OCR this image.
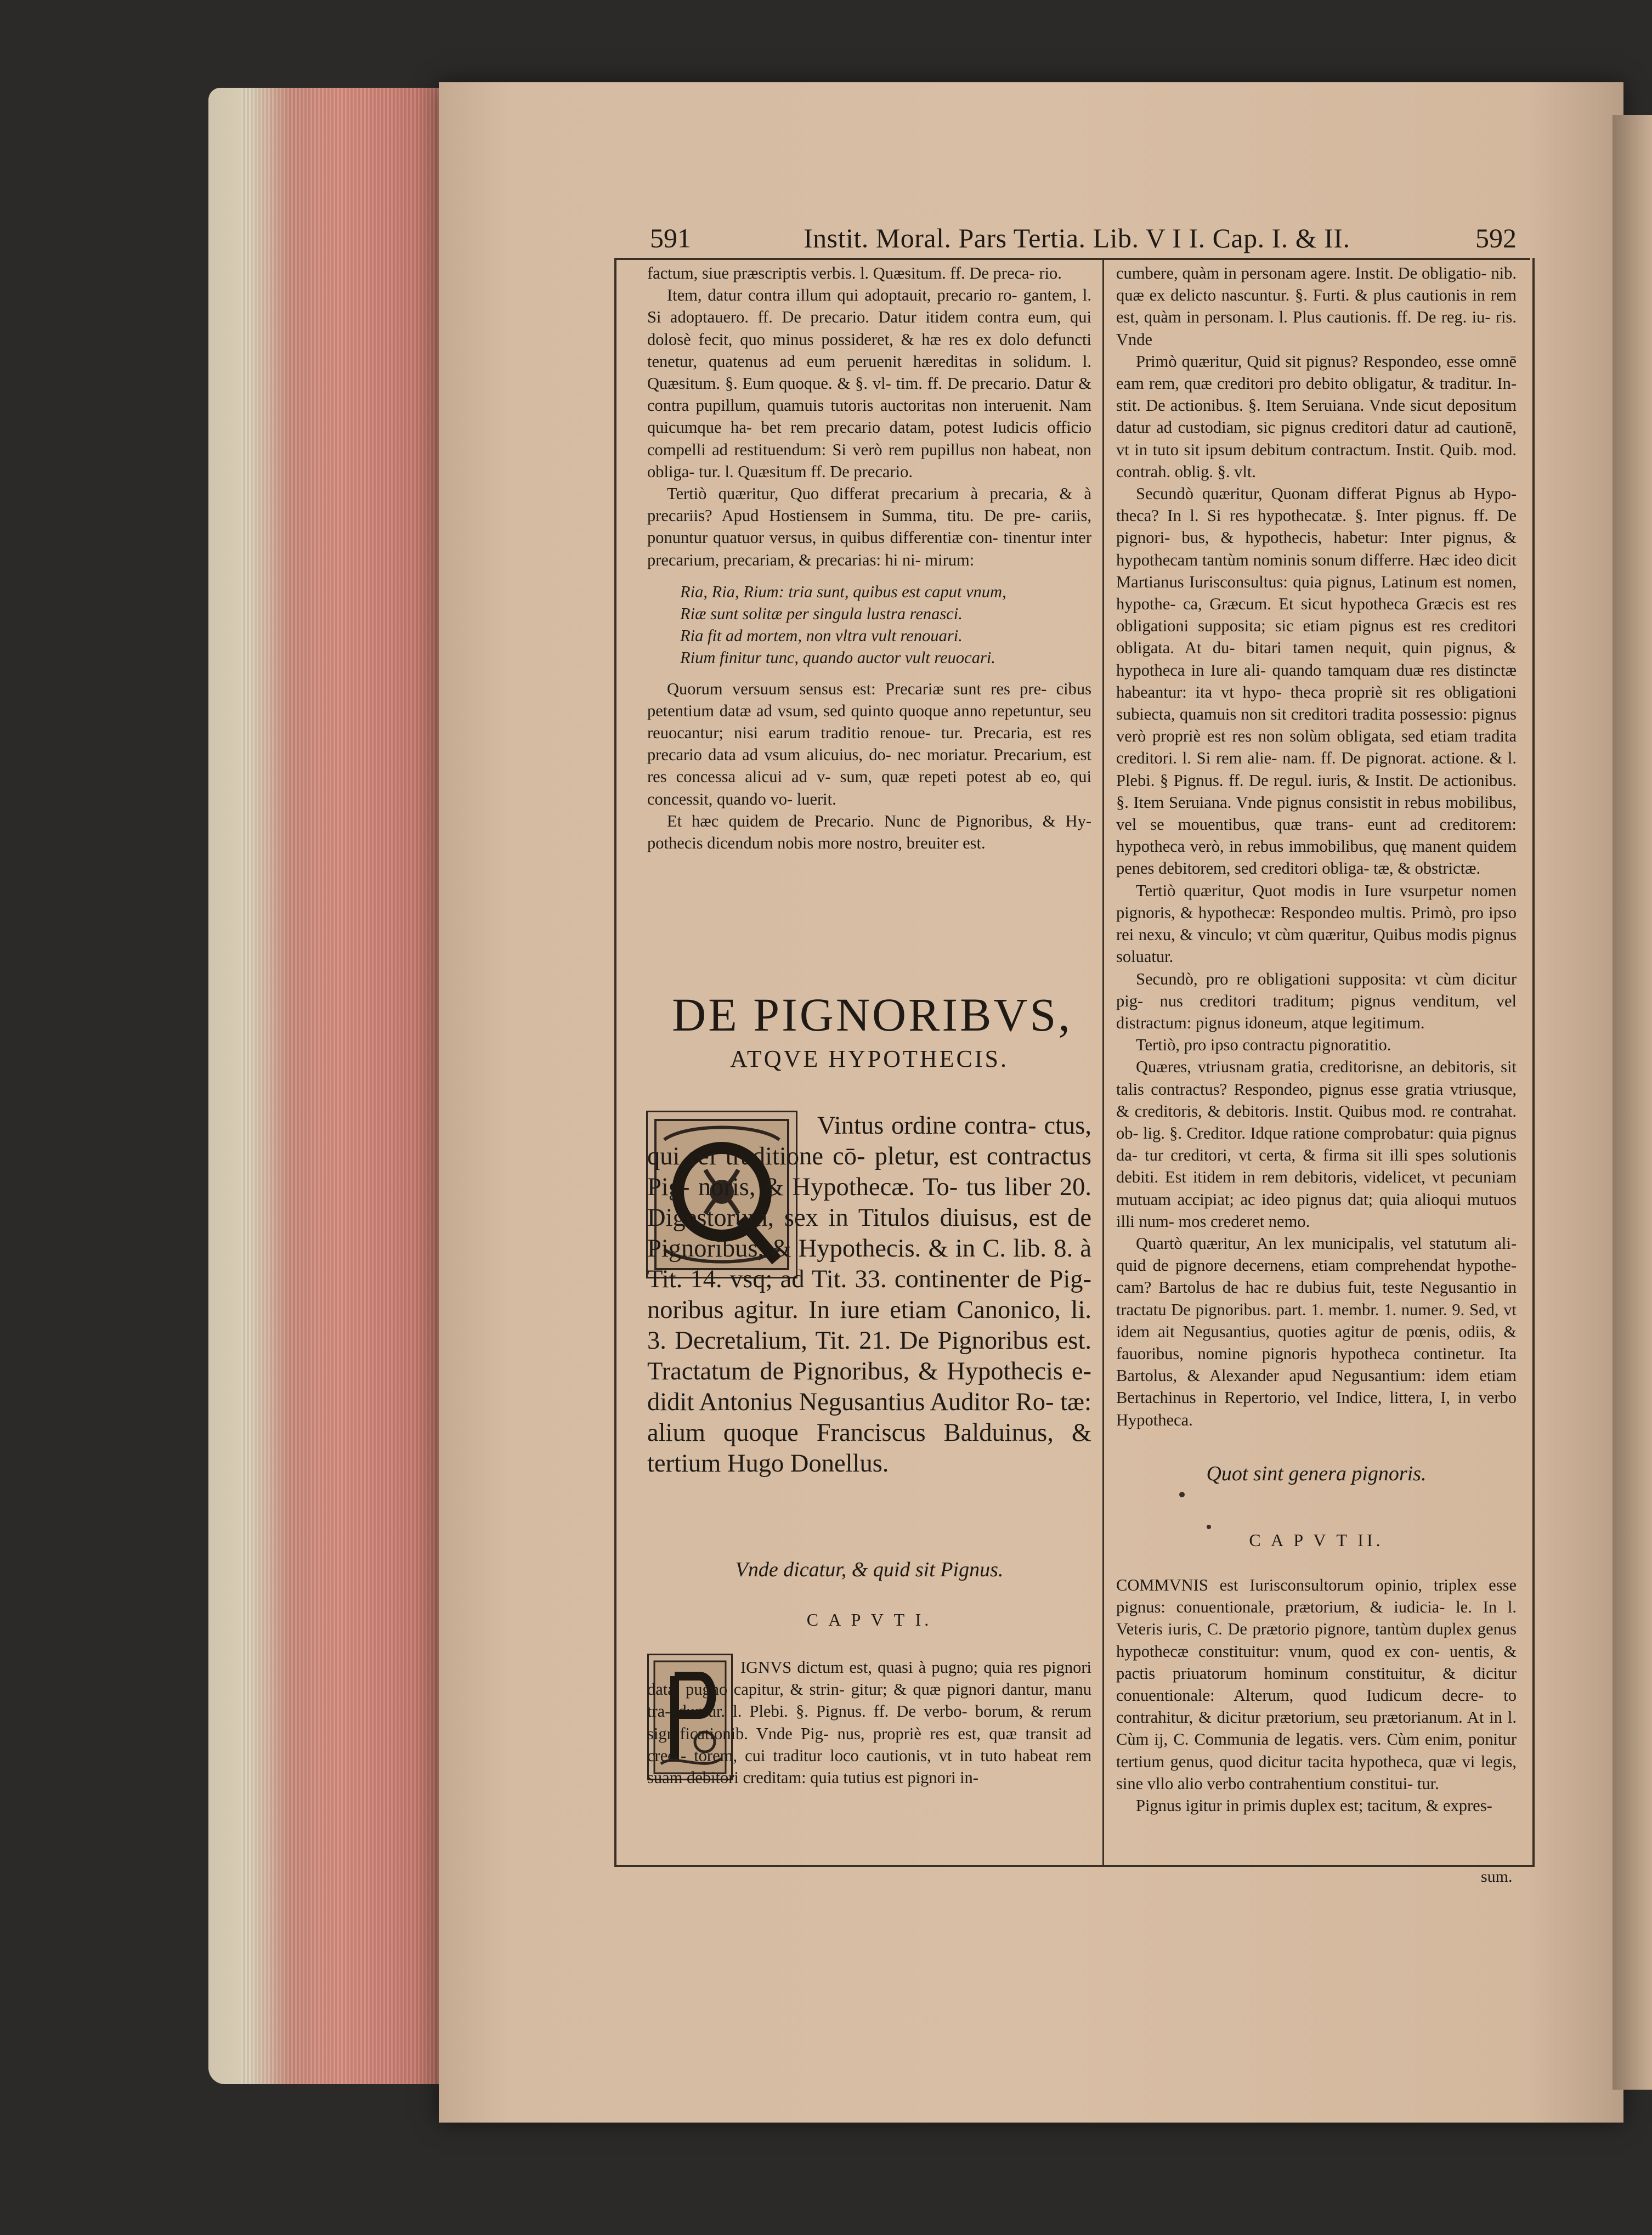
591	Instit. Moral. Pars Tertia. Lib. V I I. Cap. I. & II.	592

factum, siue præscriptis verbis. l. Quæsitum. ff. De preca- rio.

Item, datur contra illum qui adoptauit, precario ro- gantem, l. Si adoptauero. ff. De precario. Datur itidem contra eum, qui dolosè fecit, quo minus possideret, & hæ res ex dolo defuncti tenetur, quatenus ad eum peruenit hæreditas in solidum. l. Quæsitum. §. Eum quoque. & §. vl- tim. ff. De precario. Datur & contra pupillum, quamuis tutoris auctoritas non interuenit. Nam quicumque ha- bet rem precario datam, potest Iudicis officio compelli ad restituendum: Si verò rem pupillus non habeat, non obliga- tur. l. Quæsitum ff. De precario.

Tertiò quæritur, Quo differat precarium à precaria, & à precariis? Apud Hostiensem in Summa, titu. De pre- cariis, ponuntur quatuor versus, in quibus differentiæ con- tinentur inter precarium, precariam, & precarias: hi ni- mirum:

Ria, Ria, Rium: tria sunt, quibus est caput vnum,

Riæ sunt solitæ per singula lustra renasci.

Ria fit ad mortem, non vltra vult renouari.

Rium finitur tunc, quando auctor vult reuocari.

Quorum versuum sensus est: Precariæ sunt res pre- cibus petentium datæ ad vsum, sed quinto quoque anno repetuntur, seu reuocantur; nisi earum traditio renoue- tur. Precaria, est res precario data ad vsum alicuius, do- nec moriatur. Precarium, est res concessa alicui ad v- sum, quæ repeti potest ab eo, qui concessit, quando vo- luerit.

Et hæc quidem de Precario. Nunc de Pignoribus, & Hy- pothecis dicendum nobis more nostro, breuiter est.

DE PIGNORIBVS,
ATQVE HYPOTHECIS.

Vintus ordine contra- ctus, qui rei traditione cō- pletur, est contractus Pig- noris, & Hypothecæ. To- tus liber 20. Digestorum, sex in Titulos diuisus, est de Pignoribus, & Hypothecis. & in C. lib. 8. à Tit. 14. vsq; ad Tit. 33. continenter de Pig- noribus agitur. In iure etiam Canonico, li. 3. Decretalium, Tit. 21. De Pignoribus est. Tractatum de Pignoribus, & Hypothecis e- didit Antonius Negusantius Auditor Ro- tæ: alium quoque Franciscus Balduinus, & tertium Hugo Donellus.

Vnde dicatur, & quid sit Pignus.
C A P V T I.

IGNVS dictum est, quasi à pugno; quia res pignori data, pugno capitur, & strin- gitur; & quæ pignori dantur, manu tra- duntur. l. Plebi. §. Pignus. ff. De verbo- borum, & rerum significationib. Vnde Pig- nus, propriè res est, quæ transit ad credi- torem, cui traditur loco cautionis, vt in tuto habeat rem suam debitori creditam: quia tutius est pignori in-

cumbere, quàm in personam agere. Instit. De obligatio- nib. quæ ex delicto nascuntur. §. Furti. & plus cautionis in rem est, quàm in personam. l. Plus cautionis. ff. De reg. iu- ris. Vnde

Primò quæritur, Quid sit pignus? Respondeo, esse omnē eam rem, quæ creditori pro debito obligatur, & traditur. In- stit. De actionibus. §. Item Seruiana. Vnde sicut depositum datur ad custodiam, sic pignus creditori datur ad cautionē, vt in tuto sit ipsum debitum contractum. Instit. Quib. mod. contrah. oblig. §. vlt.

Secundò quæritur, Quonam differat Pignus ab Hypo- theca? In l. Si res hypothecatæ. §. Inter pignus. ff. De pignori- bus, & hypothecis, habetur: Inter pignus, & hypothecam tantùm nominis sonum differre. Hæc ideo dicit Martianus Iurisconsultus: quia pignus, Latinum est nomen, hypothe- ca, Græcum. Et sicut hypotheca Græcis est res obligationi supposita; sic etiam pignus est res creditori obligata. At du- bitari tamen nequit, quin pignus, & hypotheca in Iure ali- quando tamquam duæ res distinctæ habeantur: ita vt hypo- theca propriè sit res obligationi subiecta, quamuis non sit creditori tradita possessio: pignus verò propriè est res non solùm obligata, sed etiam tradita creditori. l. Si rem alie- nam. ff. De pignorat. actione. & l. Plebi. § Pignus. ff. De regul. iuris, & Instit. De actionibus. §. Item Seruiana. Vnde pignus consistit in rebus mobilibus, vel se mouentibus, quæ trans- eunt ad creditorem: hypotheca verò, in rebus immobilibus, quę manent quidem penes debitorem, sed creditori obliga- tæ, & obstrictæ.

Tertiò quæritur, Quot modis in Iure vsurpetur nomen pignoris, & hypothecæ: Respondeo multis. Primò, pro ipso rei nexu, & vinculo; vt cùm quæritur, Quibus modis pignus soluatur.

Secundò, pro re obligationi supposita: vt cùm dicitur pig- nus creditori traditum; pignus venditum, vel distractum: pignus idoneum, atque legitimum.

Tertiò, pro ipso contractu pignoratitio.

Quæres, vtriusnam gratia, creditorisne, an debitoris, sit talis contractus? Respondeo, pignus esse gratia vtriusque, & creditoris, & debitoris. Instit. Quibus mod. re contrahat. ob- lig. §. Creditor. Idque ratione comprobatur: quia pignus da- tur creditori, vt certa, & firma sit illi spes solutionis debiti. Est itidem in rem debitoris, videlicet, vt pecuniam mutuam accipiat; ac ideo pignus dat; quia alioqui mutuos illi num- mos crederet nemo.

Quartò quæritur, An lex municipalis, vel statutum ali- quid de pignore decernens, etiam comprehendat hypothe- cam? Bartolus de hac re dubius fuit, teste Negusantio in tractatu De pignoribus. part. 1. membr. 1. numer. 9. Sed, vt idem ait Negusantius, quoties agitur de pœnis, odiis, & fauoribus, nomine pignoris hypotheca continetur. Ita Bartolus, & Alexander apud Negusantium: idem etiam Bertachinus in Repertorio, vel Indice, littera, I, in verbo Hypotheca.

Quot sint genera pignoris.
C A P V T II.

COMMVNIS est Iurisconsultorum opinio, triplex esse pignus: conuentionale, prætorium, & iudicia- le. In l. Veteris iuris, C. De prætorio pignore, tantùm duplex genus hypothecæ constituitur: vnum, quod ex con- uentis, & pactis priuatorum hominum constituitur, & dicitur conuentionale: Alterum, quod Iudicum decre- to contrahitur, & dicitur prætorium, seu prætorianum. At in l. Cùm ij, C. Communia de legatis. vers. Cùm enim, ponitur tertium genus, quod dicitur tacita hypotheca, quæ vi legis, sine vllo alio verbo contrahentium constitui- tur.

Pignus igitur in primis duplex est; tacitum, & expres-

sum.
